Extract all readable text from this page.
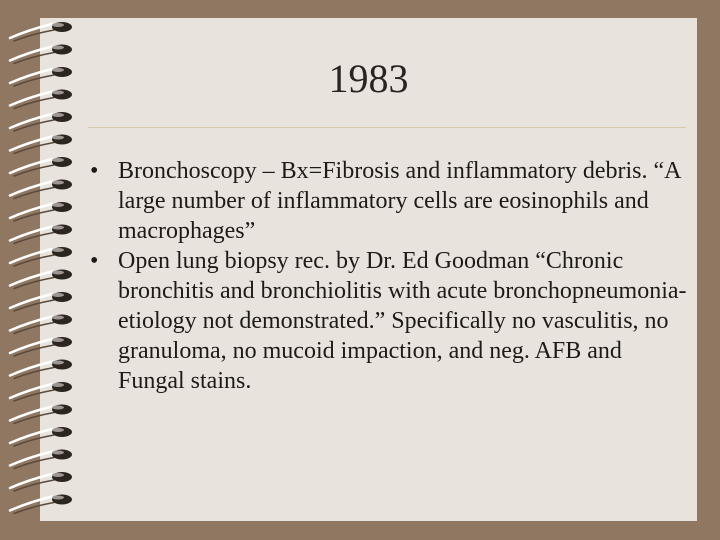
1983
• Bronchoscopy – Bx=Fibrosis and inflammatory debris. “A large number of inflammatory cells are eosinophils and macrophages”
• Open lung biopsy rec. by Dr. Ed Goodman “Chronic bronchitis and bronchiolitis with acute bronchopneumonia-etiology not demonstrated.” Specifically no vasculitis, no granuloma, no mucoid impaction, and neg. AFB and Fungal stains.
